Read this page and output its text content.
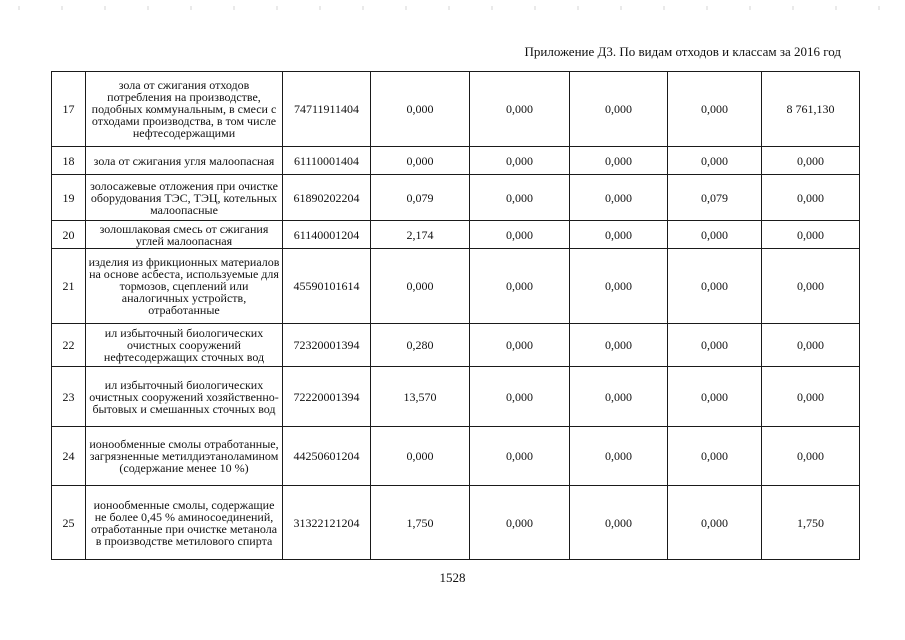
Приложение Д3. По видам отходов и классам за 2016 год
17	зола от сжигания отходов потребления на производстве, подобных коммунальным, в смеси с отходами производства, в том числе нефтесодержащими	74711911404	0,000	0,000	0,000	0,000	8 761,130
18	зола от сжигания угля малоопасная	61110001404	0,000	0,000	0,000	0,000	0,000
19	золосажевые отложения при очистке оборудования ТЭС, ТЭЦ, котельных малоопасные	61890202204	0,079	0,000	0,000	0,079	0,000
20	золошлаковая смесь от сжигания углей малоопасная	61140001204	2,174	0,000	0,000	0,000	0,000
21	изделия из фрикционных материалов на основе асбеста, используемые для тормозов, сцеплений или аналогичных устройств, отработанные	45590101614	0,000	0,000	0,000	0,000	0,000
22	ил избыточный биологических очистных сооружений нефтесодержащих сточных вод	72320001394	0,280	0,000	0,000	0,000	0,000
23	ил избыточный биологических очистных сооружений хозяйственно-бытовых и смешанных сточных вод	72220001394	13,570	0,000	0,000	0,000	0,000
24	ионообменные смолы отработанные, загрязненные метилдиэтаноламином (содержание менее 10 %)	44250601204	0,000	0,000	0,000	0,000	0,000
25	ионообменные смолы, содержащие не более 0,45 % аминосоединений, отработанные при очистке метанола в производстве метилового спирта	31322121204	1,750	0,000	0,000	0,000	1,750
1528
